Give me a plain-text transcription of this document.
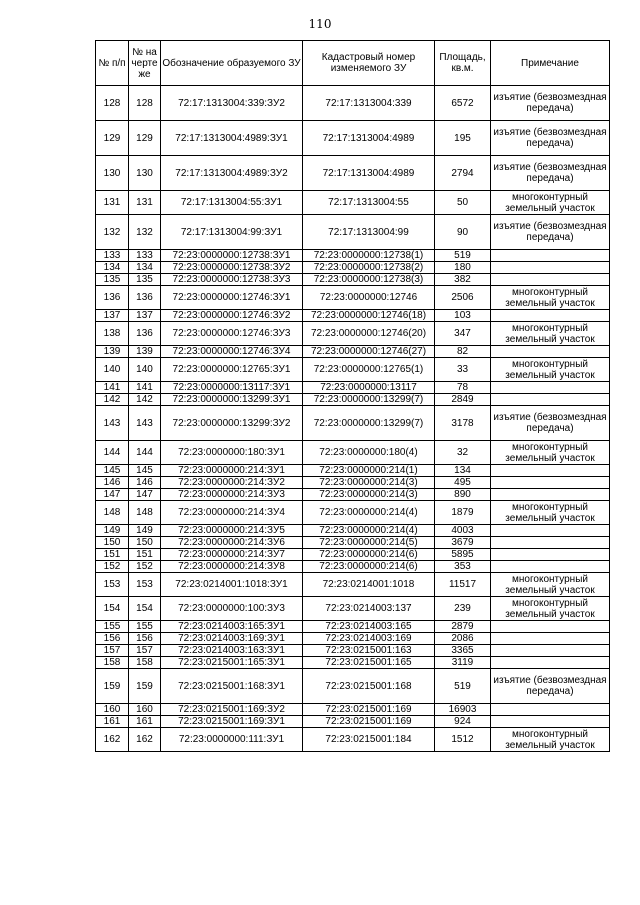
110
№ п/п	№ на черте же	Обозначение образуемого ЗУ	Кадастровый номер изменяемого ЗУ	Площадь, кв.м.	Примечание
128	128	72:17:1313004:339:ЗУ2	72:17:1313004:339	6572	изъятие (безвозмездная передача)
129	129	72:17:1313004:4989:ЗУ1	72:17:1313004:4989	195	изъятие (безвозмездная передача)
130	130	72:17:1313004:4989:ЗУ2	72:17:1313004:4989	2794	изъятие (безвозмездная передача)
131	131	72:17:1313004:55:ЗУ1	72:17:1313004:55	50	многоконтурный земельный участок
132	132	72:17:1313004:99:ЗУ1	72:17:1313004:99	90	изъятие (безвозмездная передача)
133	133	72:23:0000000:12738:ЗУ1	72:23:0000000:12738(1)	519	
134	134	72:23:0000000:12738:ЗУ2	72:23:0000000:12738(2)	180	
135	135	72:23:0000000:12738:ЗУ3	72:23:0000000:12738(3)	382	
136	136	72:23:0000000:12746:ЗУ1	72:23:0000000:12746	2506	многоконтурный земельный участок
137	137	72:23:0000000:12746:ЗУ2	72:23:0000000:12746(18)	103	
138	136	72:23:0000000:12746:ЗУ3	72:23:0000000:12746(20)	347	многоконтурный земельный участок
139	139	72:23:0000000:12746:ЗУ4	72:23:0000000:12746(27)	82	
140	140	72:23:0000000:12765:ЗУ1	72:23:0000000:12765(1)	33	многоконтурный земельный участок
141	141	72:23:0000000:13117:ЗУ1	72:23:0000000:13117	78	
142	142	72:23:0000000:13299:ЗУ1	72:23:0000000:13299(7)	2849	
143	143	72:23:0000000:13299:ЗУ2	72:23:0000000:13299(7)	3178	изъятие (безвозмездная передача)
144	144	72:23:0000000:180:ЗУ1	72:23:0000000:180(4)	32	многоконтурный земельный участок
145	145	72:23:0000000:214:ЗУ1	72:23:0000000:214(1)	134	
146	146	72:23:0000000:214:ЗУ2	72:23:0000000:214(3)	495	
147	147	72:23:0000000:214:ЗУ3	72:23:0000000:214(3)	890	
148	148	72:23:0000000:214:ЗУ4	72:23:0000000:214(4)	1879	многоконтурный земельный участок
149	149	72:23:0000000:214:ЗУ5	72:23:0000000:214(4)	4003	
150	150	72:23:0000000:214:ЗУ6	72:23:0000000:214(5)	3679	
151	151	72:23:0000000:214:ЗУ7	72:23:0000000:214(6)	5895	
152	152	72:23:0000000:214:ЗУ8	72:23:0000000:214(6)	353	
153	153	72:23:0214001:1018:ЗУ1	72:23:0214001:1018	11517	многоконтурный земельный участок
154	154	72:23:0000000:100:ЗУ3	72:23:0214003:137	239	многоконтурный земельный участок
155	155	72:23:0214003:165:ЗУ1	72:23:0214003:165	2879	
156	156	72:23:0214003:169:ЗУ1	72:23:0214003:169	2086	
157	157	72:23:0214003:163:ЗУ1	72:23:0215001:163	3365	
158	158	72:23:0215001:165:ЗУ1	72:23:0215001:165	3119	
159	159	72:23:0215001:168:ЗУ1	72:23:0215001:168	519	изъятие (безвозмездная передача)
160	160	72:23:0215001:169:ЗУ2	72:23:0215001:169	16903	
161	161	72:23:0215001:169:ЗУ1	72:23:0215001:169	924	
162	162	72:23:0000000:111:ЗУ1	72:23:0215001:184	1512	многоконтурный земельный участок
